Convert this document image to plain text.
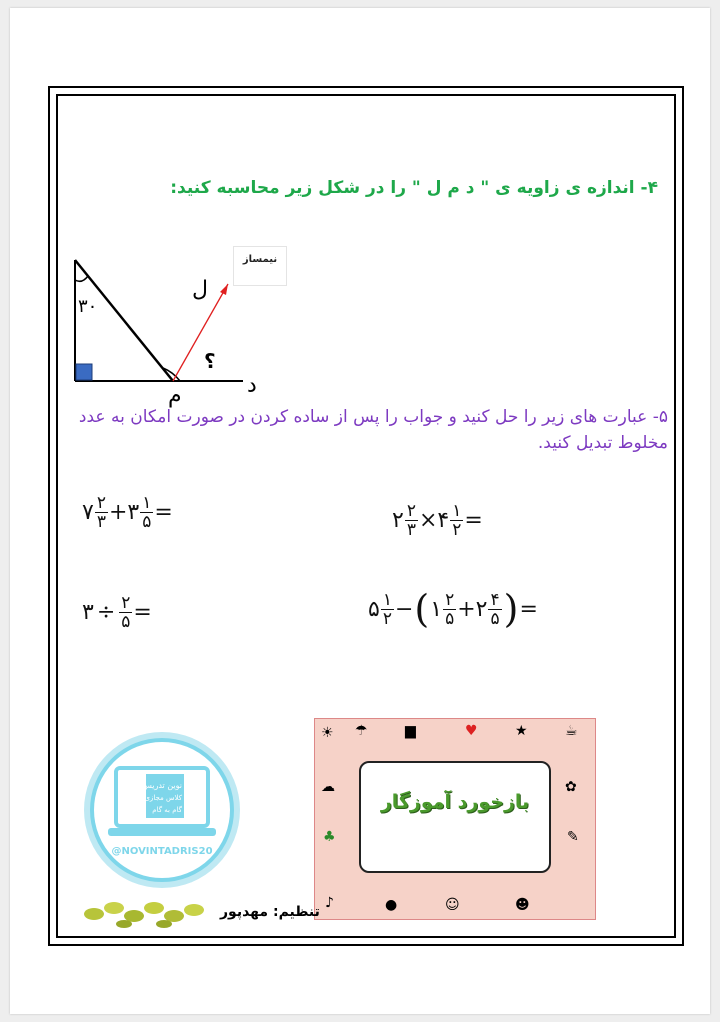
۴- اندازه ی زاویه ی " د م ل " را در شکل زیر محاسبه کنید:
۳۰
ل
؟
م	د
نیمساز
۵- عبارت های زیر را حل کنید و جواب را پس از ساده کردن در صورت امکان به عدد مخلوط تبدیل کنید.
۷ $\frac{۲}{۳}$ + ۳ $\frac{۱}{۵}$ =	۲ $\frac{۲}{۳}$ × ۴ $\frac{۱}{۲}$ =
۳ ÷ $\frac{۲}{۵}$ =	۵ $\frac{۱}{۲}$ − ( ۱ $\frac{۲}{۵}$ + ۲ $\frac{۴}{۵}$ ) =
نوین تدریس
کلاس مجازی
گام به گام
@NOVINTADRIS20
☀ ☂	▆	♥	★	☕
☁
♣
✿
✎
♪	●	☺	☻
بازخورد آموزگار
تنظیم: مهدپور
